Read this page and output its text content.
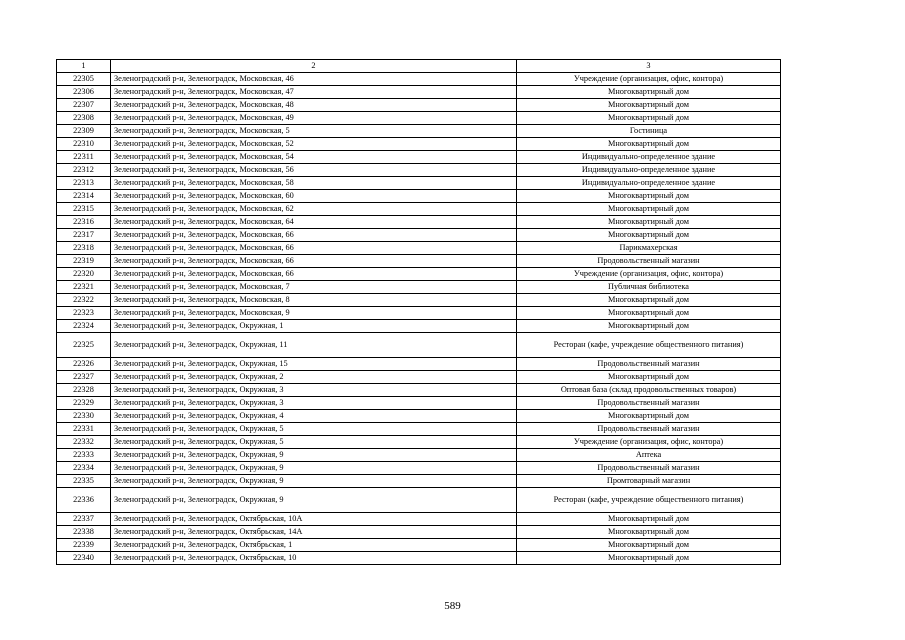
1	2	3
22305	Зеленоградский р-н, Зеленоградск, Московская, 46	Учреждение (организация, офис, контора)
22306	Зеленоградский р-н, Зеленоградск, Московская, 47	Многоквартирный дом
22307	Зеленоградский р-н, Зеленоградск, Московская, 48	Многоквартирный дом
22308	Зеленоградский р-н, Зеленоградск, Московская, 49	Многоквартирный дом
22309	Зеленоградский р-н, Зеленоградск, Московская, 5	Гостиница
22310	Зеленоградский р-н, Зеленоградск, Московская, 52	Многоквартирный дом
22311	Зеленоградский р-н, Зеленоградск, Московская, 54	Индивидуально-определенное здание
22312	Зеленоградский р-н, Зеленоградск, Московская, 56	Индивидуально-определенное здание
22313	Зеленоградский р-н, Зеленоградск, Московская, 58	Индивидуально-определенное здание
22314	Зеленоградский р-н, Зеленоградск, Московская, 60	Многоквартирный дом
22315	Зеленоградский р-н, Зеленоградск, Московская, 62	Многоквартирный дом
22316	Зеленоградский р-н, Зеленоградск, Московская, 64	Многоквартирный дом
22317	Зеленоградский р-н, Зеленоградск, Московская, 66	Многоквартирный дом
22318	Зеленоградский р-н, Зеленоградск, Московская, 66	Парикмахерская
22319	Зеленоградский р-н, Зеленоградск, Московская, 66	Продовольственный магазин
22320	Зеленоградский р-н, Зеленоградск, Московская, 66	Учреждение (организация, офис, контора)
22321	Зеленоградский р-н, Зеленоградск, Московская, 7	Публичная библиотека
22322	Зеленоградский р-н, Зеленоградск, Московская, 8	Многоквартирный дом
22323	Зеленоградский р-н, Зеленоградск, Московская, 9	Многоквартирный дом
22324	Зеленоградский р-н, Зеленоградск, Окружная, 1	Многоквартирный дом
22325	Зеленоградский р-н, Зеленоградск, Окружная, 11	Ресторан (кафе, учреждение общественного питания)
22326	Зеленоградский р-н, Зеленоградск, Окружная, 15	Продовольственный магазин
22327	Зеленоградский р-н, Зеленоградск, Окружная, 2	Многоквартирный дом
22328	Зеленоградский р-н, Зеленоградск, Окружная, 3	Оптовая база (склад продовольственных товаров)
22329	Зеленоградский р-н, Зеленоградск, Окружная, 3	Продовольственный магазин
22330	Зеленоградский р-н, Зеленоградск, Окружная, 4	Многоквартирный дом
22331	Зеленоградский р-н, Зеленоградск, Окружная, 5	Продовольственный магазин
22332	Зеленоградский р-н, Зеленоградск, Окружная, 5	Учреждение (организация, офис, контора)
22333	Зеленоградский р-н, Зеленоградск, Окружная, 9	Аптека
22334	Зеленоградский р-н, Зеленоградск, Окружная, 9	Продовольственный магазин
22335	Зеленоградский р-н, Зеленоградск, Окружная, 9	Промтоварный магазин
22336	Зеленоградский р-н, Зеленоградск, Окружная, 9	Ресторан (кафе, учреждение общественного питания)
22337	Зеленоградский р-н, Зеленоградск, Октябрьская, 10А	Многоквартирный дом
22338	Зеленоградский р-н, Зеленоградск, Октябрьская, 14А	Многоквартирный дом
22339	Зеленоградский р-н, Зеленоградск, Октябрьская, 1	Многоквартирный дом
22340	Зеленоградский р-н, Зеленоградск, Октябрьская, 10	Многоквартирный дом
589
